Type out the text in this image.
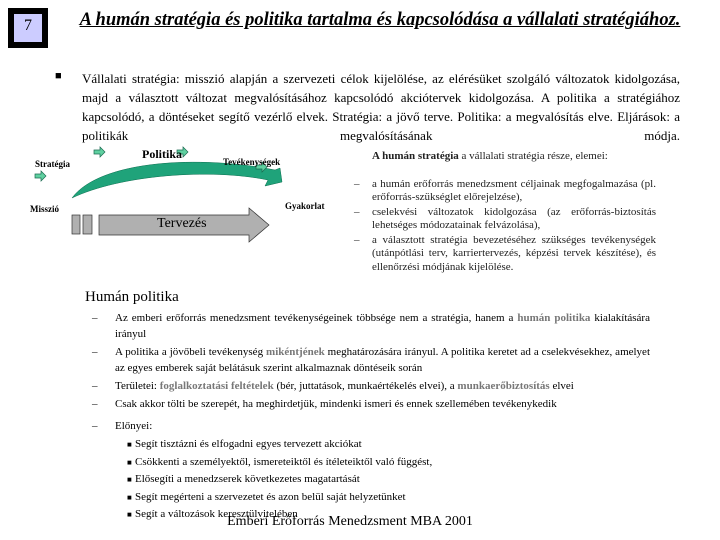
7	A humán stratégia és politika tartalma és kapcsolódása a vállalati stratégiához.
■ Vállalati stratégia: misszió alapján a szervezeti célok kijelölése, az elérésüket szolgáló változatok kidolgozása, majd a választott változat megvalósításához kapcsolódó akciótervek kidolgozása. A politika a stratégiához kapcsolódó, a döntéseket segítő vezérlő elvek. Stratégia: a jövő terve. Politika: a megvalósítás elve. Eljárások: a politikák megvalósításának módja.
Stratégia
Politika
Tevékenységek
Misszió	Gyakorlat
Tervezés
A humán stratégia a vállalati stratégia része, elemei:
– a humán erőforrás menedzsment céljainak megfogalmazása (pl. erőforrás-szükséglet előrejelzése),
– cselekvési változatok kidolgozása (az erőforrás-biztosítás lehetséges módozatainak felvázolása),
– a választott stratégia bevezetéséhez szükséges tevékenységek (utánpótlási terv, karriertervezés, képzési tervek készítése), és ellenőrzési módjának kijelölése.
Humán politika
– Az emberi erőforrás menedzsment tevékenységeinek többsége nem a stratégia, hanem a humán politika kialakítására irányul
– A politika a jövőbeli tevékenység mikéntjének meghatározására irányul. A politika keretet ad a cselekvésekhez, amelyet az egyes emberek saját belátásuk szerint alkalmaznak döntéseik során
– Területei: foglalkoztatási feltételek (bér, juttatások, munkaértékelés elvei), a munkaerőbiztosítás elvei
– Csak akkor tölti be szerepét, ha meghirdetjük, mindenki ismeri és ennek szellemében tevékenykedik
– Előnyei:
■ Segít tisztázni és elfogadni egyes tervezett akciókat
■ Csökkenti a személyektől, ismereteiktől és ítéleteiktől való függést,
■ Elősegíti a menedzserek következetes magatartását
■ Segít megérteni a szervezetet és azon belül saját helyzetünket
■ Segít a változások keresztülvitelében
Emberi Erőforrás Menedzsment MBA 2001
